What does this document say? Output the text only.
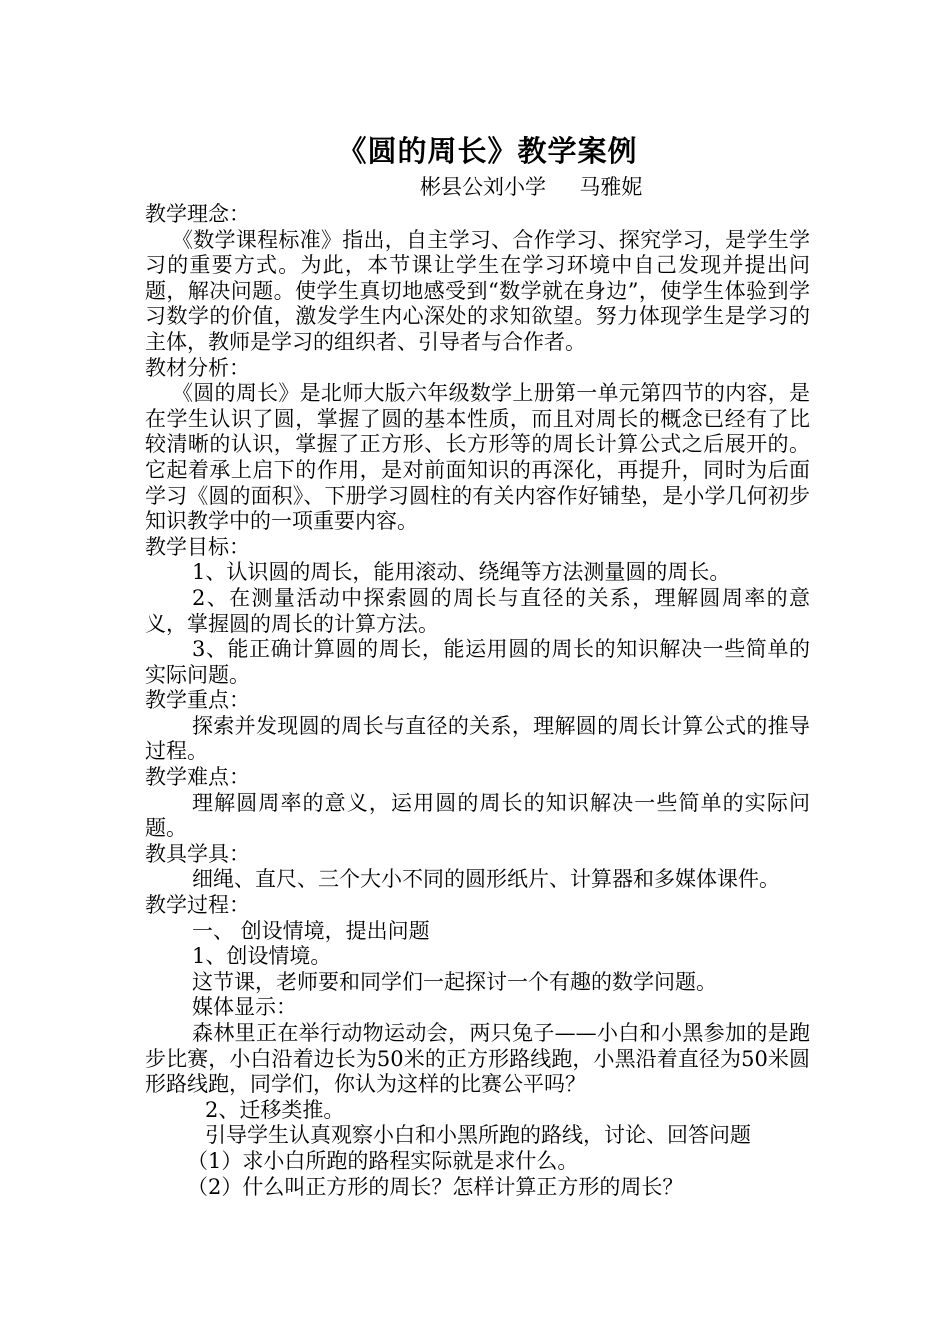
《圆的周长》教学案例
彬县公刘小学     马雅妮
教学理念：
《数学课程标准》指出，自主学习、合作学习、探究学习，是学生学习的重要方式。为此，本节课让学生在学习环境中自己发现并提出问题，解决问题。使学生真切地感受到“数学就在身边”，使学生体验到学习数学的价值，激发学生内心深处的求知欲望。努力体现学生是学习的主体，教师是学习的组织者、引导者与合作者。
教材分析：
《圆的周长》是北师大版六年级数学上册第一单元第四节的内容，是在学生认识了圆，掌握了圆的基本性质，而且对周长的概念已经有了比较清晰的认识，掌握了正方形、长方形等的周长计算公式之后展开的。它起着承上启下的作用，是对前面知识的再深化，再提升，同时为后面学习《圆的面积》、下册学习圆柱的有关内容作好铺垫，是小学几何初步知识教学中的一项重要内容。
教学目标：
1、认识圆的周长，能用滚动、绕绳等方法测量圆的周长。
2、在测量活动中探索圆的周长与直径的关系，理解圆周率的意义，掌握圆的周长的计算方法。
3、能正确计算圆的周长，能运用圆的周长的知识解决一些简单的实际问题。
教学重点：
探索并发现圆的周长与直径的关系，理解圆的周长计算公式的推导过程。
教学难点：
理解圆周率的意义，运用圆的周长的知识解决一些简单的实际问题。
教具学具：
细绳、直尺、三个大小不同的圆形纸片、计算器和多媒体课件。
教学过程：
一、 创设情境，提出问题
1、创设情境。
这节课，老师要和同学们一起探讨一个有趣的数学问题。
媒体显示：
森林里正在举行动物运动会，两只兔子——小白和小黑参加的是跑步比赛，小白沿着边长为50米的正方形路线跑，小黑沿着直径为50米圆形路线跑，同学们，你认为这样的比赛公平吗？
2、迁移类推。
引导学生认真观察小白和小黑所跑的路线，讨论、回答问题
（1）求小白所跑的路程实际就是求什么。
（2）什么叫正方形的周长？怎样计算正方形的周长？
